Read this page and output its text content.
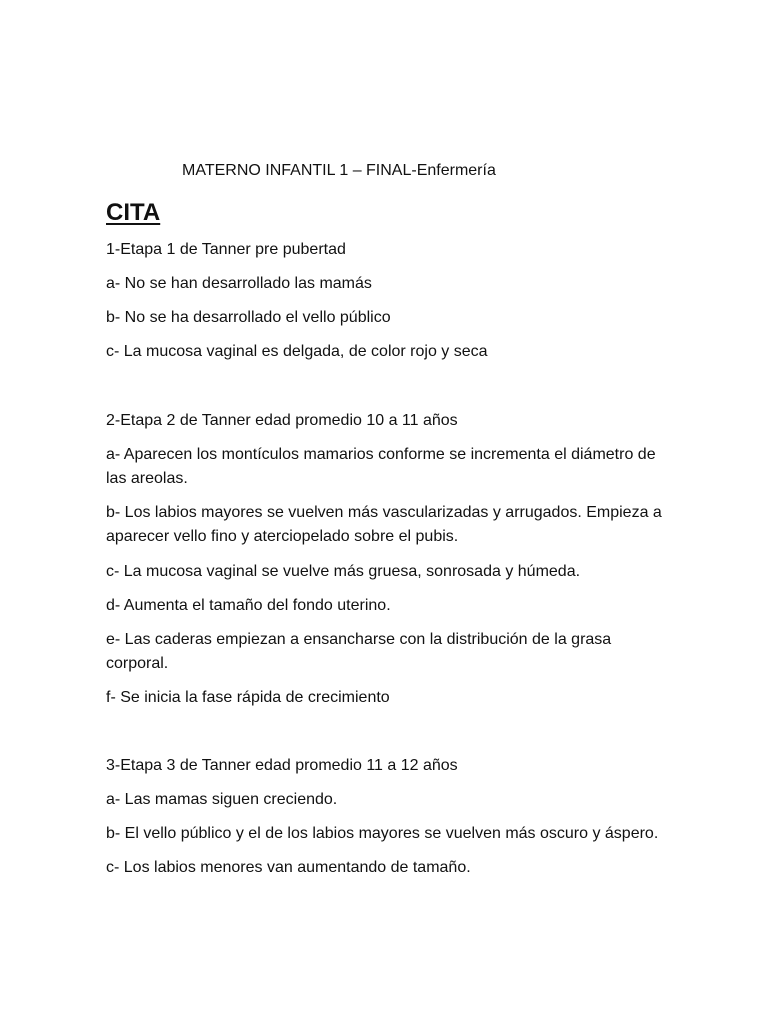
MATERNO INFANTIL 1 – FINAL-Enfermería
CITA

1-Etapa 1 de Tanner pre pubertad

a- No se han desarrollado las mamás

b- No se ha desarrollado el vello público

c- La mucosa vaginal es delgada, de color rojo y seca

2-Etapa 2 de Tanner edad promedio 10 a 11 años

a- Aparecen los montículos mamarios conforme se incrementa el diámetro de las areolas.

b- Los labios mayores se vuelven más vascularizadas y arrugados. Empieza a aparecer vello fino y aterciopelado sobre el pubis.

c- La mucosa vaginal se vuelve más gruesa, sonrosada y húmeda.

d- Aumenta el tamaño del fondo uterino.

e- Las caderas empiezan a ensancharse con la distribución de la grasa corporal.

f- Se inicia la fase rápida de crecimiento

3-Etapa 3 de Tanner edad promedio 11 a 12 años

a- Las mamas siguen creciendo.

b- El vello público y el de los labios mayores se vuelven más oscuro y áspero.

c- Los labios menores van aumentando de tamaño.
